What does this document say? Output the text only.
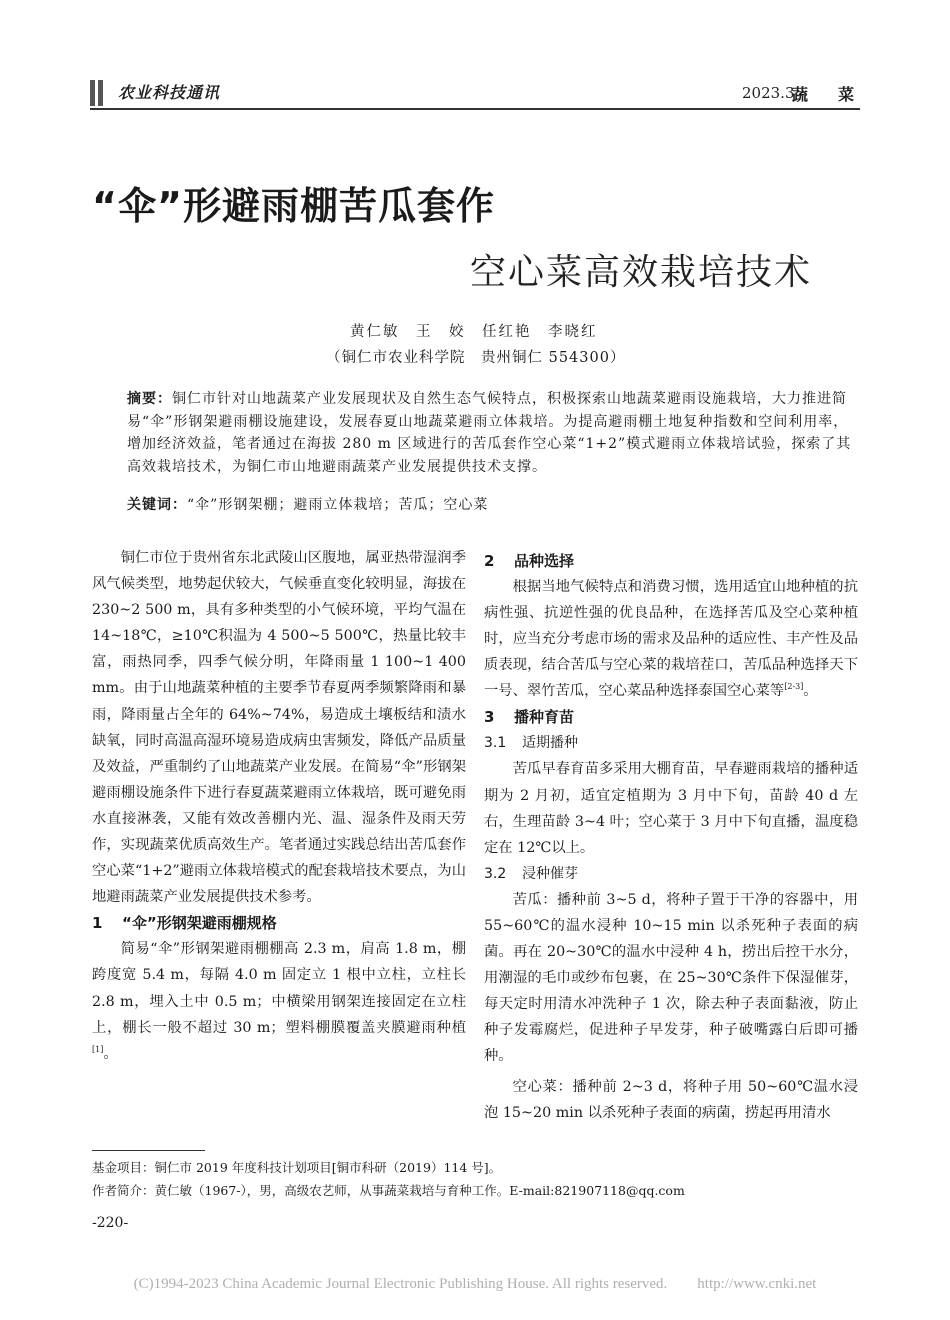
农业科技通讯	2023.3
蔬菜
“伞”形避雨棚苦瓜套作
空心菜高效栽培技术
黄仁敏　王　姣　任红艳　李晓红
（铜仁市农业科学院　贵州铜仁 554300）
摘要：铜仁市针对山地蔬菜产业发展现状及自然生态气候特点，积极探索山地蔬菜避雨设施栽培，大力推进简易“伞”形钢架避雨棚设施建设，发展春夏山地蔬菜避雨立体栽培。为提高避雨棚土地复种指数和空间利用率，增加经济效益，笔者通过在海拔 280 m 区域进行的苦瓜套作空心菜“1+2”模式避雨立体栽培试验，探索了其高效栽培技术，为铜仁市山地避雨蔬菜产业发展提供技术支撑。
关键词：“伞”形钢架棚；避雨立体栽培；苦瓜；空心菜

铜仁市位于贵州省东北武陵山区腹地，属亚热带湿润季风气候类型，地势起伏较大，气候垂直变化较明显，海拔在 230~2 500 m，具有多种类型的小气候环境，平均气温在 14~18℃，≥10℃积温为 4 500~5 500℃，热量比较丰富，雨热同季，四季气候分明，年降雨量 1 100~1 400 mm。由于山地蔬菜种植的主要季节春夏两季频繁降雨和暴雨，降雨量占全年的 64%~74%，易造成土壤板结和渍水缺氧，同时高温高湿环境易造成病虫害频发，降低产品质量及效益，严重制约了山地蔬菜产业发展。在简易“伞”形钢架避雨棚设施条件下进行春夏蔬菜避雨立体栽培，既可避免雨水直接淋袭，又能有效改善棚内光、温、湿条件及雨天劳作，实现蔬菜优质高效生产。笔者通过实践总结出苦瓜套作空心菜“1+2”避雨立体栽培模式的配套栽培技术要点，为山地避雨蔬菜产业发展提供技术参考。

1 “伞”形钢架避雨棚规格

简易“伞”形钢架避雨棚棚高 2.3 m，肩高 1.8 m，棚跨度宽 5.4 m，每隔 4.0 m 固定立 1 根中立柱，立柱长 2.8 m，埋入土中 0.5 m；中横梁用钢架连接固定在立柱上，棚长一般不超过 30 m；塑料棚膜覆盖夹膜避雨种植[1]。

2 品种选择

根据当地气候特点和消费习惯，选用适宜山地种植的抗病性强、抗逆性强的优良品种，在选择苦瓜及空心菜种植时，应当充分考虑市场的需求及品种的适应性、丰产性及品质表现，结合苦瓜与空心菜的栽培茬口，苦瓜品种选择天下一号、翠竹苦瓜，空心菜品种选择泰国空心菜等[2-3]。

3 播种育苗
3.1 适期播种

苦瓜早春育苗多采用大棚育苗，早春避雨栽培的播种适期为 2 月初，适宜定植期为 3 月中下旬，苗龄 40 d 左右，生理苗龄 3~4 叶；空心菜于 3 月中下旬直播，温度稳定在 12℃以上。

3.2 浸种催芽

苦瓜：播种前 3~5 d，将种子置于干净的容器中，用 55~60℃的温水浸种 10~15 min 以杀死种子表面的病菌。再在 20~30℃的温水中浸种 4 h，捞出后控干水分，用潮湿的毛巾或纱布包裹，在 25~30℃条件下保湿催芽，每天定时用清水冲洗种子 1 次，除去种子表面黏液，防止种子发霉腐烂，促进种子早发芽，种子破嘴露白后即可播种。

空心菜：播种前 2~3 d，将种子用 50~60℃温水浸泡 15~20 min 以杀死种子表面的病菌，捞起再用清水

基金项目：铜仁市 2019 年度科技计划项目[铜市科研（2019）114 号]。
作者简介：黄仁敏（1967-），男，高级农艺师，从事蔬菜栽培与育种工作。E-mail:821907118@qq.com
-220-
(C)1994-2023 China Academic Journal Electronic Publishing House. All rights reserved.　　http://www.cnki.net
